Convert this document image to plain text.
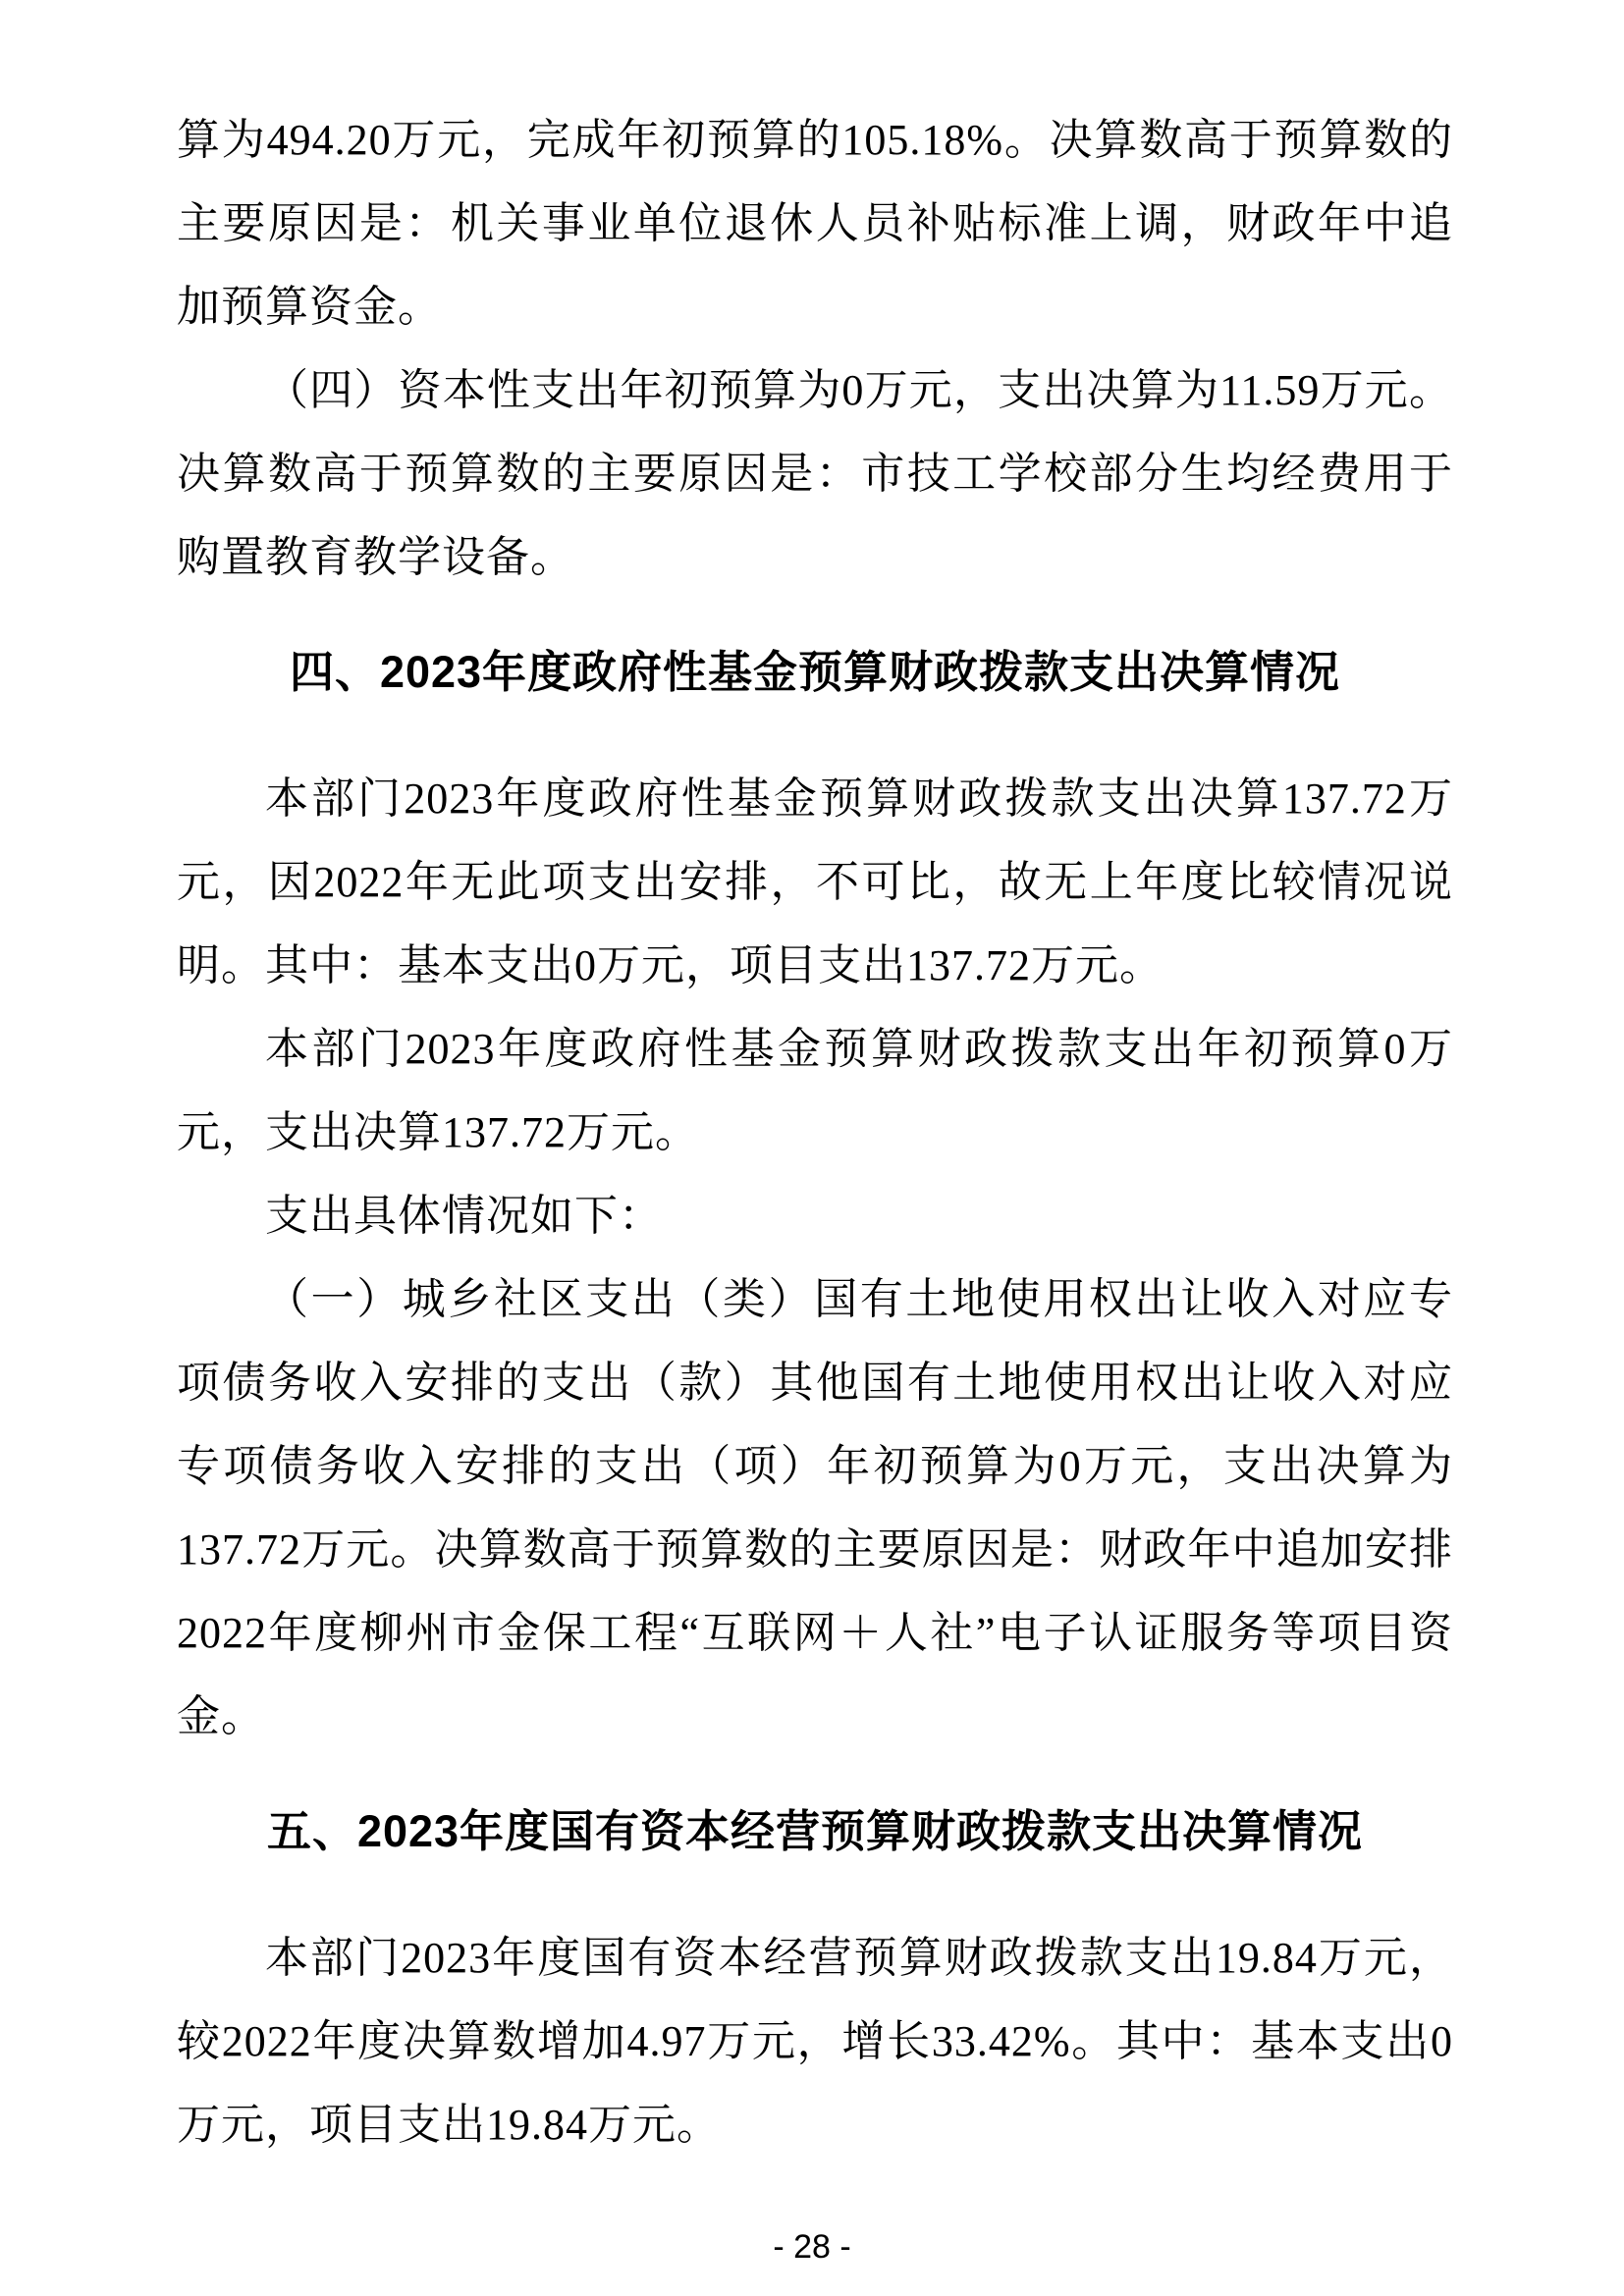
算为494.20万元，完成年初预算的105.18%。决算数高于预算数的主要原因是：机关事业单位退休人员补贴标准上调，财政年中追加预算资金。

（四）资本性支出年初预算为0万元，支出决算为11.59万元。决算数高于预算数的主要原因是：市技工学校部分生均经费用于购置教育教学设备。

四、2023年度政府性基金预算财政拨款支出决算情况

本部门2023年度政府性基金预算财政拨款支出决算137.72万元，因2022年无此项支出安排，不可比，故无上年度比较情况说明。其中：基本支出0万元，项目支出137.72万元。

本部门2023年度政府性基金预算财政拨款支出年初预算0万元，支出决算137.72万元。

支出具体情况如下：

（一）城乡社区支出（类）国有土地使用权出让收入对应专项债务收入安排的支出（款）其他国有土地使用权出让收入对应专项债务收入安排的支出（项）年初预算为0万元，支出决算为137.72万元。决算数高于预算数的主要原因是：财政年中追加安排2022年度柳州市金保工程“互联网＋人社”电子认证服务等项目资金。

五、2023年度国有资本经营预算财政拨款支出决算情况

本部门2023年度国有资本经营预算财政拨款支出19.84万元，较2022年度决算数增加4.97万元，增长33.42%。其中：基本支出0万元，项目支出19.84万元。

- 28 -
